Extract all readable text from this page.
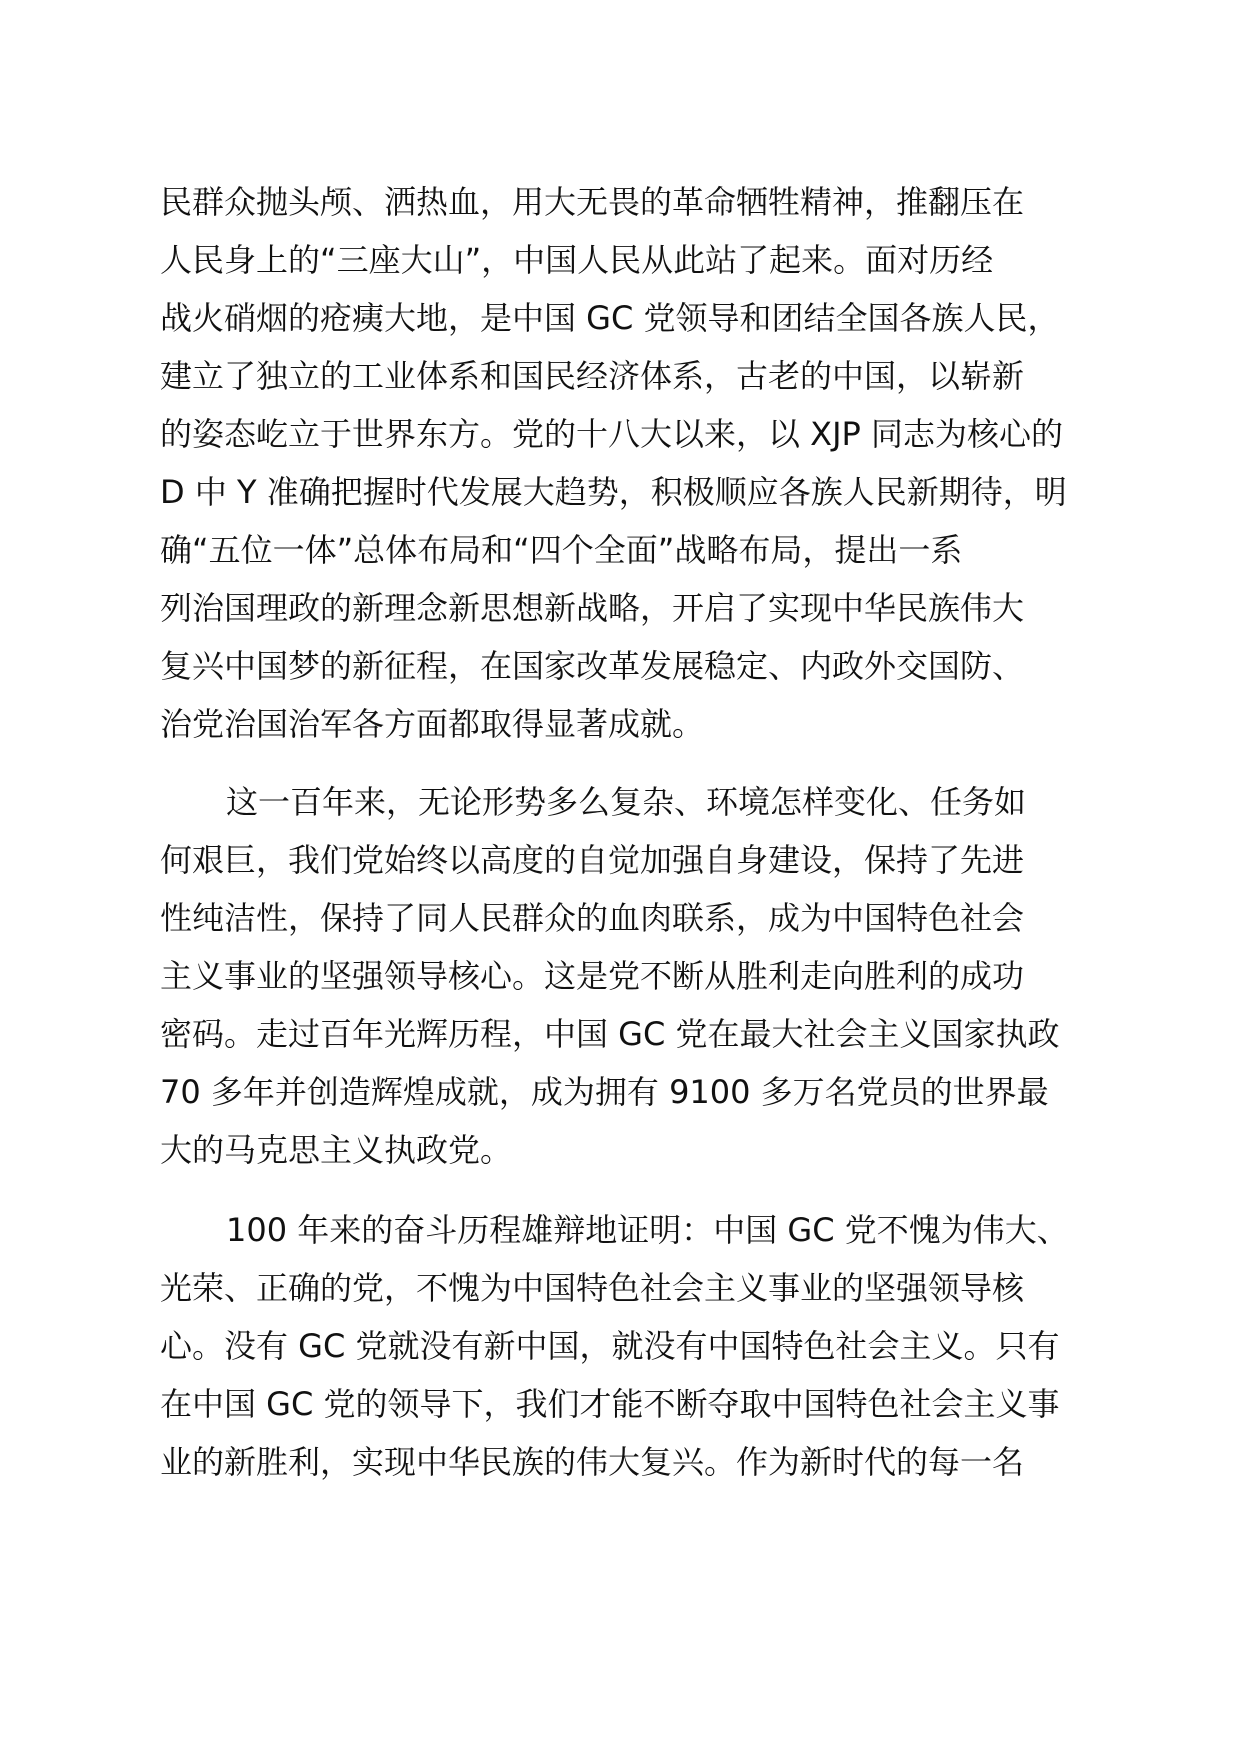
民群众抛头颅、洒热血，用大无畏的革命牺牲精神，推翻压在
人民身上的“三座大山”，中国人民从此站了起来。面对历经
战火硝烟的疮痍大地，是中国 GC 党领导和团结全国各族人民，
建立了独立的工业体系和国民经济体系，古老的中国，以崭新
的姿态屹立于世界东方。党的十八大以来，以 XJP 同志为核心的
D 中 Y 准确把握时代发展大趋势，积极顺应各族人民新期待，明
确“五位一体”总体布局和“四个全面”战略布局，提出一系
列治国理政的新理念新思想新战略，开启了实现中华民族伟大
复兴中国梦的新征程，在国家改革发展稳定、内政外交国防、
治党治国治军各方面都取得显著成就。
这一百年来，无论形势多么复杂、环境怎样变化、任务如
何艰巨，我们党始终以高度的自觉加强自身建设，保持了先进
性纯洁性，保持了同人民群众的血肉联系，成为中国特色社会
主义事业的坚强领导核心。这是党不断从胜利走向胜利的成功
密码。走过百年光辉历程，中国 GC 党在最大社会主义国家执政
70 多年并创造辉煌成就，成为拥有 9100 多万名党员的世界最
大的马克思主义执政党。
100 年来的奋斗历程雄辩地证明：中国 GC 党不愧为伟大、
光荣、正确的党，不愧为中国特色社会主义事业的坚强领导核
心。没有 GC 党就没有新中国，就没有中国特色社会主义。只有
在中国 GC 党的领导下，我们才能不断夺取中国特色社会主义事
业的新胜利，实现中华民族的伟大复兴。作为新时代的每一名
